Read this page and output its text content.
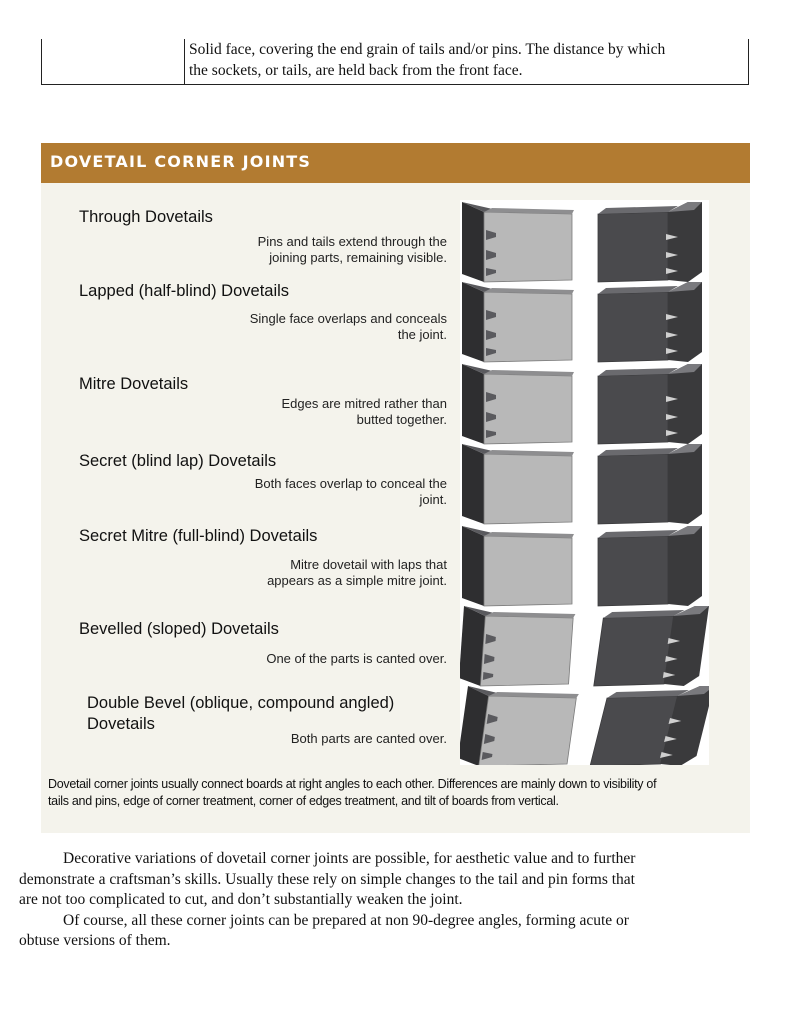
Solid face, covering the end grain of tails and/or pins. The distance by which
the sockets, or tails, are held back from the front face.
DOVETAIL CORNER JOINTS
Through Dovetails
Pins and tails extend through the
joining parts, remaining visible.
Lapped (half-blind) Dovetails
Single face overlaps and conceals
the joint.
Mitre Dovetails
Edges are mitred rather than
butted together.
Secret (blind lap) Dovetails
Both faces overlap to conceal the
joint.
Secret Mitre (full-blind) Dovetails
Mitre dovetail with laps that
appears as a simple mitre joint.
Bevelled (sloped) Dovetails
One of the parts is canted over.
Double Bevel (oblique, compound angled)
Dovetails
Both parts are canted over.
Dovetail corner joints usually connect boards at right angles to each other. Differences are mainly down to visibility of
tails and pins, edge of corner treatment, corner of edges treatment, and tilt of boards from vertical.

Decorative variations of dovetail corner joints are possible, for aesthetic value and to further
demonstrate a craftsman’s skills. Usually these rely on simple changes to the tail and pin forms that
are not too complicated to cut, and don’t substantially weaken the joint.

Of course, all these corner joints can be prepared at non 90-degree angles, forming acute or
obtuse versions of them.
